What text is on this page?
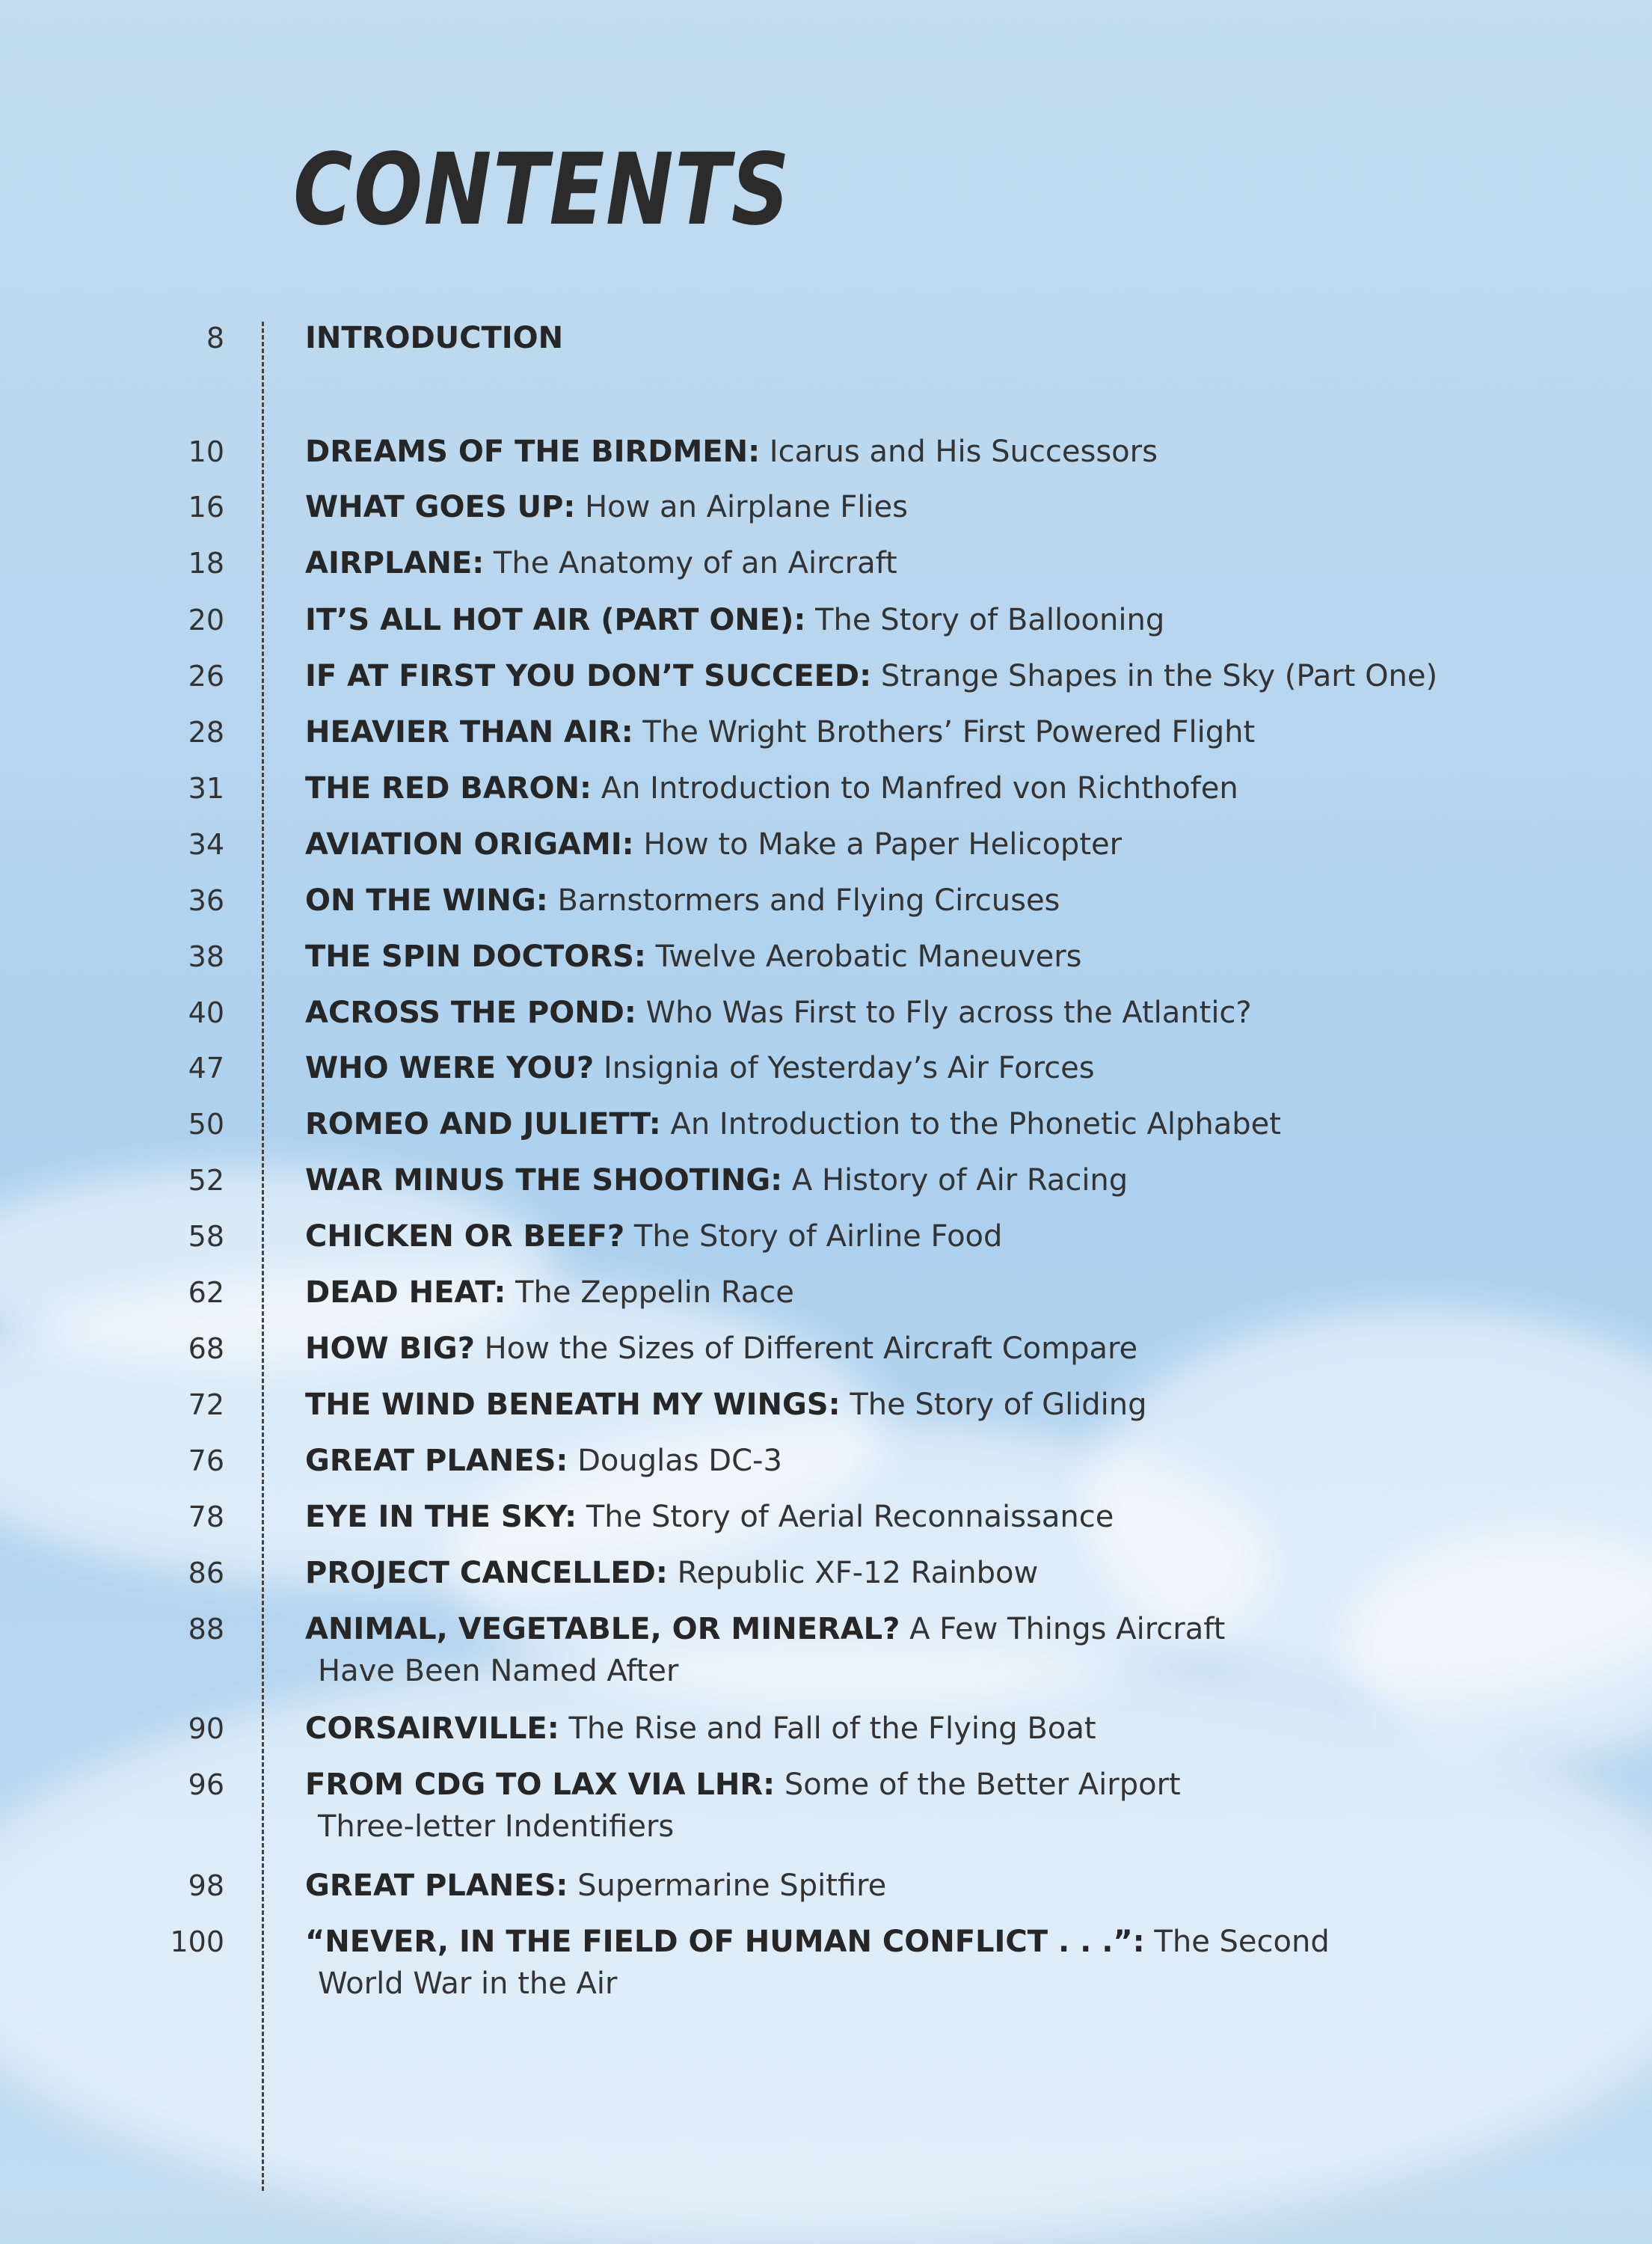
CONTENTS
8	INTRODUCTION
10	DREAMS OF THE BIRDMEN: Icarus and His Successors
16	WHAT GOES UP: How an Airplane Flies
18	AIRPLANE: The Anatomy of an Aircraft
20	IT’S ALL HOT AIR (PART ONE): The Story of Ballooning
26	IF AT FIRST YOU DON’T SUCCEED: Strange Shapes in the Sky (Part One)
28	HEAVIER THAN AIR: The Wright Brothers’ First Powered Flight
31	THE RED BARON: An Introduction to Manfred von Richthofen
34	AVIATION ORIGAMI: How to Make a Paper Helicopter
36	ON THE WING: Barnstormers and Flying Circuses
38	THE SPIN DOCTORS: Twelve Aerobatic Maneuvers
40	ACROSS THE POND: Who Was First to Fly across the Atlantic?
47	WHO WERE YOU? Insignia of Yesterday’s Air Forces
50	ROMEO AND JULIETT: An Introduction to the Phonetic Alphabet
52	WAR MINUS THE SHOOTING: A History of Air Racing
58	CHICKEN OR BEEF? The Story of Airline Food
62	DEAD HEAT: The Zeppelin Race
68	HOW BIG? How the Sizes of Different Aircraft Compare
72	THE WIND BENEATH MY WINGS: The Story of Gliding
76	GREAT PLANES: Douglas DC-3
78	EYE IN THE SKY: The Story of Aerial Reconnaissance
86	PROJECT CANCELLED: Republic XF-12 Rainbow
88	ANIMAL, VEGETABLE, OR MINERAL? A Few Things Aircraft
Have Been Named After
90	CORSAIRVILLE: The Rise and Fall of the Flying Boat
96	FROM CDG TO LAX VIA LHR: Some of the Better Airport
Three-letter Indentifiers
98	GREAT PLANES: Supermarine Spitfire
100	“NEVER, IN THE FIELD OF HUMAN CONFLICT . . .”: The Second
World War in the Air
